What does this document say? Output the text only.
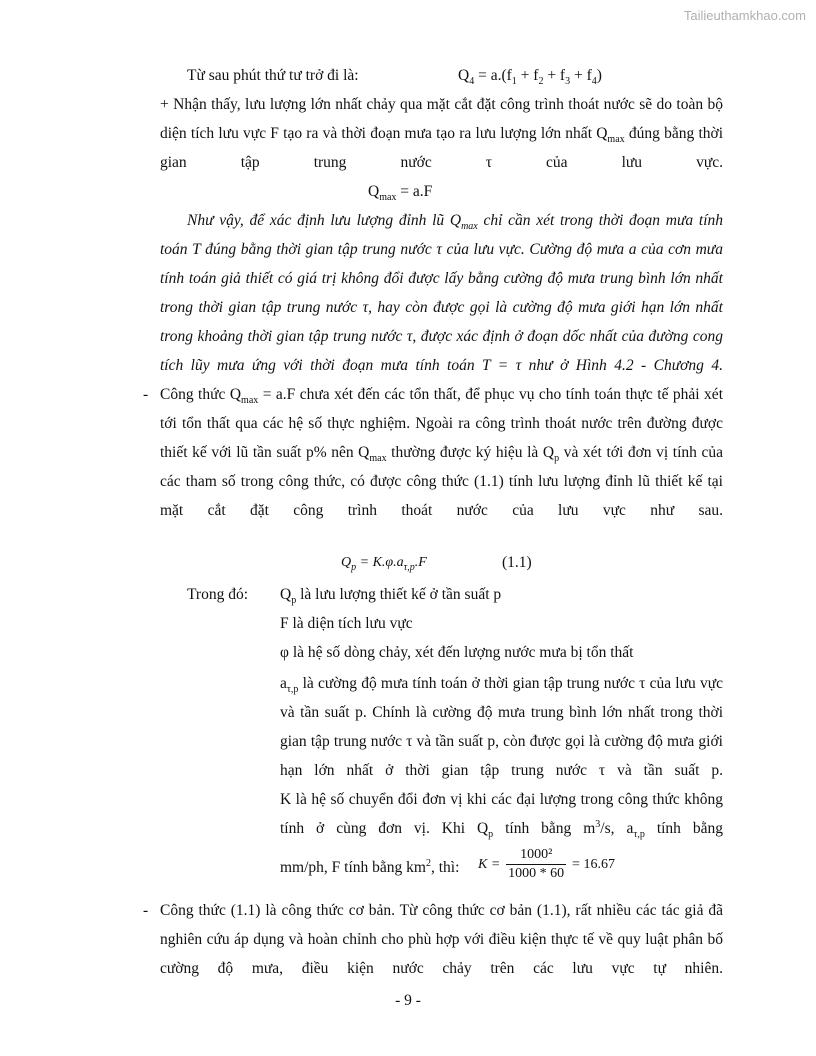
Tailieuthamkhao.com
Từ sau phút thứ tư trở đi là:	$Q_4 = a.(f_1 + f_2 + f_3 + f_4)$
+ Nhận thấy, lưu lượng lớn nhất chảy qua mặt cắt đặt công trình thoát nước sẽ do toàn bộ diện tích lưu vực F tạo ra và thời đoạn mưa tạo ra lưu lượng lớn nhất $Q_{max}$ đúng bằng thời gian tập trung nước τ của lưu vực.
$Q_{max} = a.F$
Như vậy, để xác định lưu lượng đỉnh lũ $Q_{max}$ chỉ cần xét trong thời đoạn mưa tính toán T đúng bằng thời gian tập trung nước τ của lưu vực. Cường độ mưa a của cơn mưa tính toán giả thiết có giá trị không đổi được lấy bằng cường độ mưa trung bình lớn nhất trong thời gian tập trung nước τ, hay còn được gọi là cường độ mưa giới hạn lớn nhất trong khoảng thời gian tập trung nước τ, được xác định ở đoạn dốc nhất của đường cong tích lũy mưa ứng với thời đoạn mưa tính toán T = τ như ở Hình 4.2 - Chương 4.
- Công thức $Q_{max} = a.F$ chưa xét đến các tổn thất, để phục vụ cho tính toán thực tế phải xét tới tổn thất qua các hệ số thực nghiệm. Ngoài ra công trình thoát nước trên đường được thiết kế với lũ tần suất p% nên $Q_{max}$ thường được ký hiệu là $Q_p$ và xét tới đơn vị tính của các tham số trong công thức, có được công thức (1.1) tính lưu lượng đỉnh lũ thiết kế tại mặt cắt đặt công trình thoát nước của lưu vực như sau.
$Q_p = K.\varphi.a_{\tau,p}.F$	(1.1)
Trong đó: $Q_p$ là lưu lượng thiết kế ở tần suất p
F là diện tích lưu vực
φ là hệ số dòng chảy, xét đến lượng nước mưa bị tổn thất
$a_{\tau,p}$ là cường độ mưa tính toán ở thời gian tập trung nước τ của lưu vực và tần suất p. Chính là cường độ mưa trung bình lớn nhất trong thời gian tập trung nước τ và tần suất p, còn được gọi là cường độ mưa giới hạn lớn nhất ở thời gian tập trung nước τ và tần suất p.
K là hệ số chuyển đổi đơn vị khi các đại lượng trong công thức không tính ở cùng đơn vị. Khi $Q_p$ tính bằng $m^3/s$, $a_{\tau,p}$ tính bằng
mm/ph, F tính bằng $km^2$, thì: $K = \frac{\text{1000²}}{1000 * 60} = 16.67$
- Công thức (1.1) là công thức cơ bản. Từ công thức cơ bản (1.1), rất nhiều các tác giả đã nghiên cứu áp dụng và hoàn chỉnh cho phù hợp với điều kiện thực tế về quy luật phân bố cường độ mưa, điều kiện nước chảy trên các lưu vực tự nhiên.
- 9 -
